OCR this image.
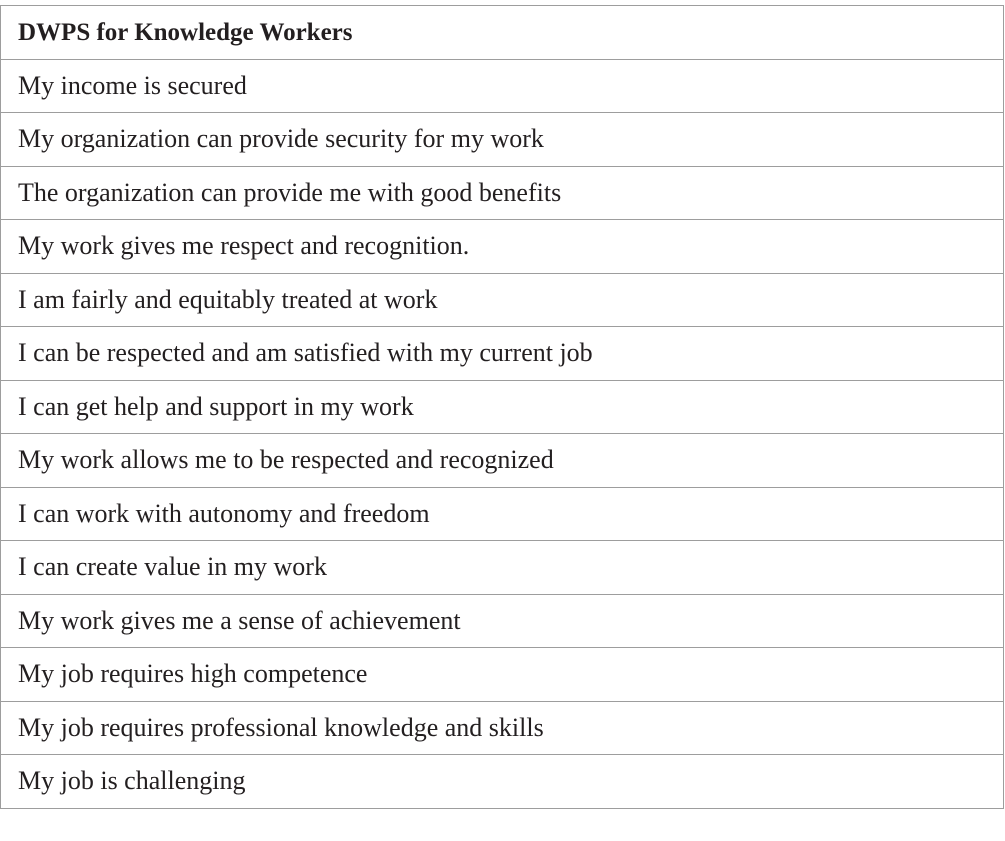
DWPS for Knowledge Workers
My income is secured
My organization can provide security for my work
The organization can provide me with good benefits
My work gives me respect and recognition.
I am fairly and equitably treated at work
I can be respected and am satisfied with my current job
I can get help and support in my work
My work allows me to be respected and recognized
I can work with autonomy and freedom
I can create value in my work
My work gives me a sense of achievement
My job requires high competence
My job requires professional knowledge and skills
My job is challenging
